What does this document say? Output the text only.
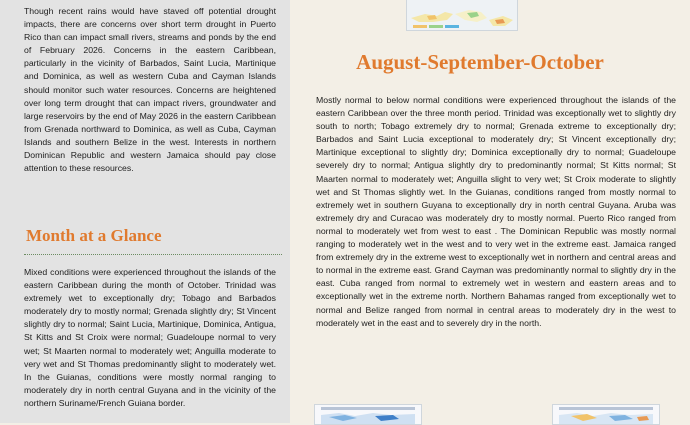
Though recent rains would have staved off potential drought impacts, there are concerns over short term drought in Puerto Rico than can impact small rivers, streams and ponds by the end of February 2026. Concerns in the eastern Caribbean, particularly in the vicinity of Barbados, Saint Lucia, Martinique and Dominica, as well as western Cuba and Cayman Islands should monitor such water resources. Concerns are heightened over long term drought that can impact rivers, groundwater and large reservoirs by the end of May 2026 in the eastern Caribbean from Grenada northward to Dominica, as well as Cuba, Cayman Islands and southern Belize in the west. Interests in northern Dominican Republic and western Jamaica should pay close attention to these resources.

Month at a Glance

Mixed conditions were experienced throughout the islands of the eastern Caribbean during the month of October. Trinidad was extremely wet to exceptionally dry; Tobago and Barbados moderately dry to mostly normal; Grenada slightly dry; St Vincent slightly dry to normal; Saint Lucia, Martinique, Dominica, Antigua, St Kitts and St Croix were normal; Guadeloupe normal to very wet; St Maarten normal to moderately wet; Anguilla moderate to very wet and St Thomas predominantly slight to moderately wet. In the Guianas, conditions were mostly normal ranging to moderately dry in north central Guyana and in the vicinity of the northern Suriname/French Guiana border.

August-September-October

Mostly normal to below normal conditions were experienced throughout the islands of the eastern Caribbean over the three month period. Trinidad was exceptionally wet to slightly dry south to north; Tobago extremely dry to normal; Grenada extreme to exceptionally dry; Barbados and Saint Lucia exceptional to moderately dry; St Vincent exceptionally dry; Martinique exceptional to slightly dry; Dominica exceptionally dry to normal; Guadeloupe severely dry to normal; Antigua slightly dry to predominantly normal; St Kitts normal; St Maarten normal to moderately wet; Anguilla slight to very wet; St Croix moderate to slightly wet and St Thomas slightly wet. In the Guianas, conditions ranged from mostly normal to extremely wet in southern Guyana to exceptionally dry in north central Guyana. Aruba was extremely dry and Curacao was moderately dry to mostly normal. Puerto Rico ranged from normal to moderately wet from west to east . The Dominican Republic was mostly normal ranging to moderately wet in the west and to very wet in the extreme east. Jamaica ranged from extremely dry in the extreme west to exceptionally wet in northern and central areas and to normal in the extreme east. Grand Cayman was predominantly normal to slightly dry in the east. Cuba ranged from normal to extremely wet in western and eastern areas and to exceptionally wet in the extreme north. Northern Bahamas ranged from exceptionally wet to normal and Belize ranged from normal in central areas to moderately dry in the west to moderately wet in the east and to severely dry in the north.
